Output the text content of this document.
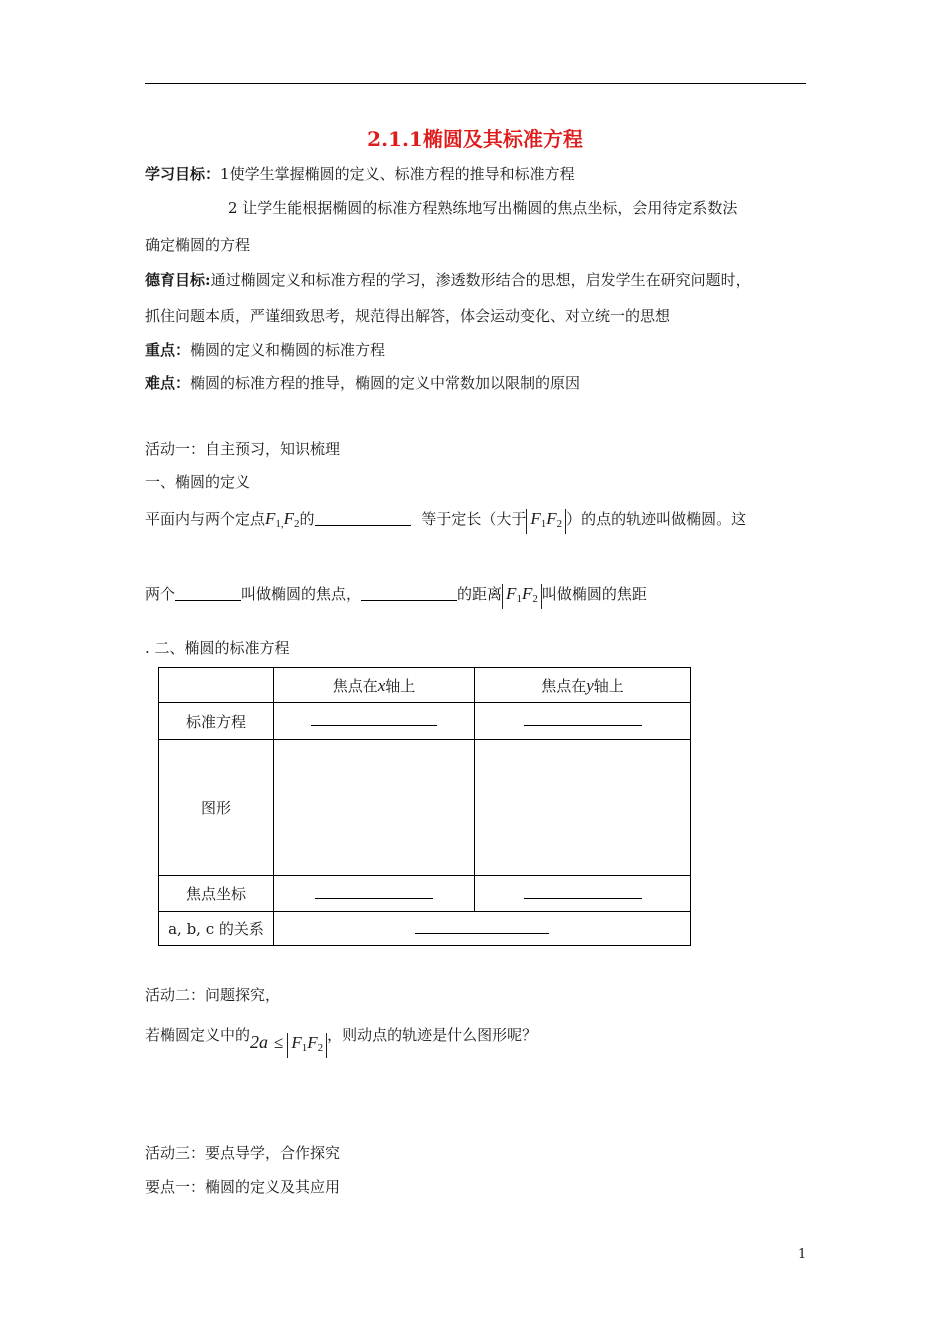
2.1.1椭圆及其标准方程
学习目标：1使学生掌握椭圆的定义、标准方程的推导和标准方程
2 让学生能根据椭圆的标准方程熟练地写出椭圆的焦点坐标，会用待定系数法
确定椭圆的方程
德育目标:通过椭圆定义和标准方程的学习，渗透数形结合的思想，启发学生在研究问题时，
抓住问题本质，严谨细致思考，规范得出解答，体会运动变化、对立统一的思想
重点：椭圆的定义和椭圆的标准方程
难点：椭圆的标准方程的推导，椭圆的定义中常数加以限制的原因
活动一：自主预习，知识梳理
一、椭圆的定义
平面内与两个定点$F_{1,}F_2$的	等于定长（大于 $F_1F_2$ ）的点的轨迹叫做椭圆。这
两个	叫做椭圆的焦点，	的距离 $F_1F_2$ 叫做椭圆的焦距
. 二、椭圆的标准方程
	焦点在x轴上	焦点在y轴上
标准方程		
图形		
焦点坐标		
a, b, c 的关系		
活动二：问题探究，
若椭圆定义中的$2a \le F_1F_2$，则动点的轨迹是什么图形呢？
活动三：要点导学，合作探究
要点一：椭圆的定义及其应用
1
